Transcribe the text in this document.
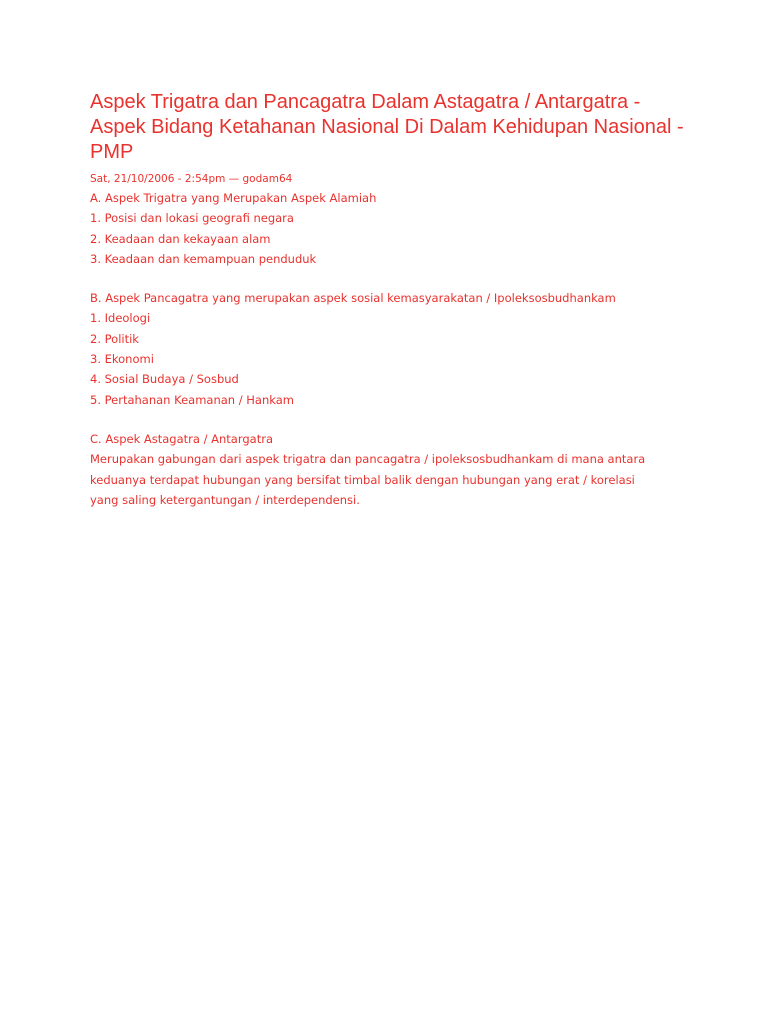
Aspek Trigatra dan Pancagatra Dalam Astagatra / Antargatra -
Aspek Bidang Ketahanan Nasional Di Dalam Kehidupan Nasional -
PMP
Sat, 21/10/2006 - 2:54pm — godam64
A. Aspek Trigatra yang Merupakan Aspek Alamiah
1. Posisi dan lokasi geografi negara
2. Keadaan dan kekayaan alam
3. Keadaan dan kemampuan penduduk
B. Aspek Pancagatra yang merupakan aspek sosial kemasyarakatan / Ipoleksosbudhankam
1. Ideologi
2. Politik
3. Ekonomi
4. Sosial Budaya / Sosbud
5. Pertahanan Keamanan / Hankam
C. Aspek Astagatra / Antargatra
Merupakan gabungan dari aspek trigatra dan pancagatra / ipoleksosbudhankam di mana antara
keduanya terdapat hubungan yang bersifat timbal balik dengan hubungan yang erat / korelasi
yang saling ketergantungan / interdependensi.
